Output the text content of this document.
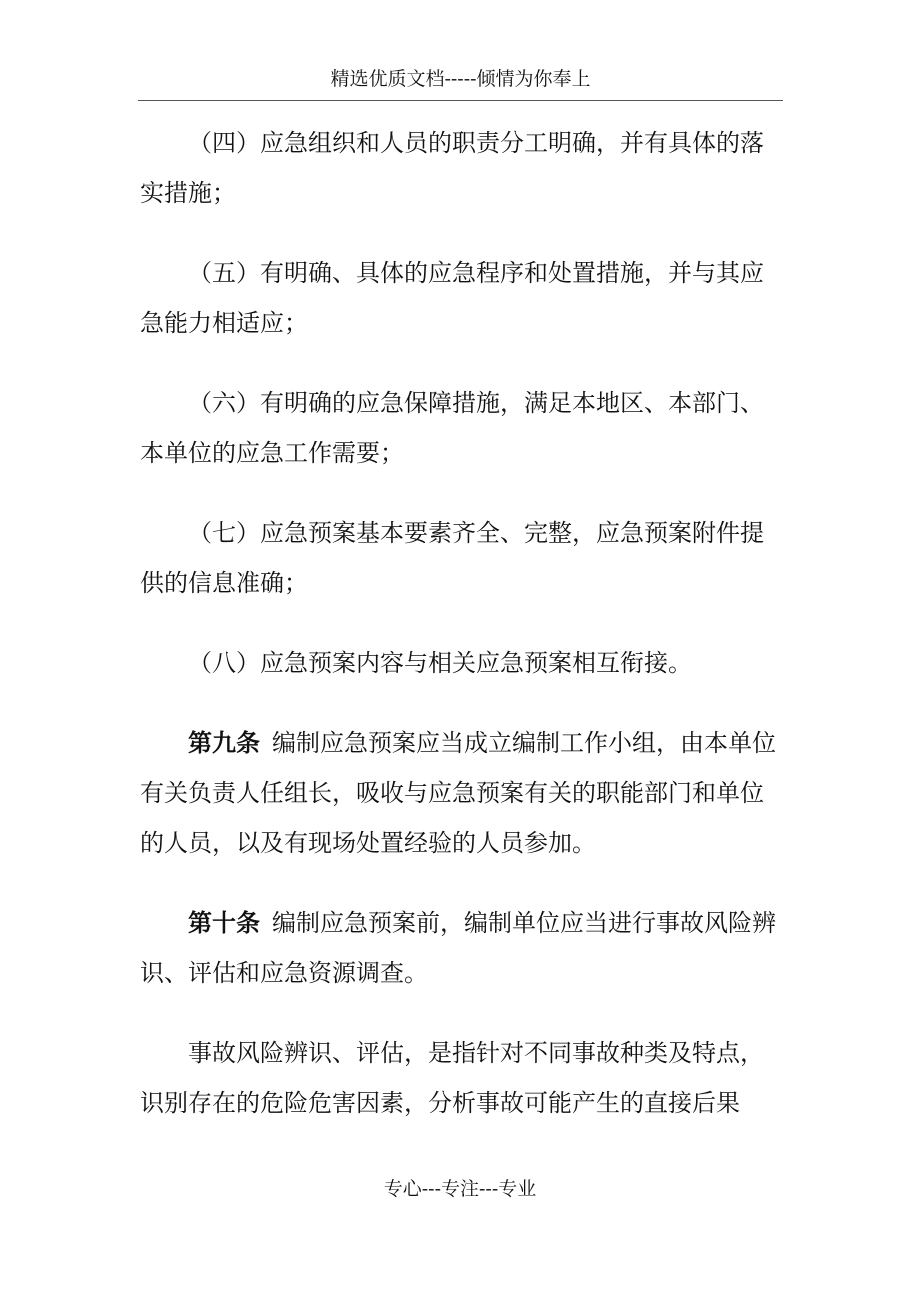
精选优质文档-----倾情为你奉上

（四）应急组织和人员的职责分工明确，并有具体的落实措施；

（五）有明确、具体的应急程序和处置措施，并与其应急能力相适应；

（六）有明确的应急保障措施，满足本地区、本部门、本单位的应急工作需要；

（七）应急预案基本要素齐全、完整，应急预案附件提供的信息准确；

（八）应急预案内容与相关应急预案相互衔接。

第九条 编制应急预案应当成立编制工作小组，由本单位有关负责人任组长，吸收与应急预案有关的职能部门和单位的人员，以及有现场处置经验的人员参加。

第十条 编制应急预案前，编制单位应当进行事故风险辨识、评估和应急资源调查。

事故风险辨识、评估，是指针对不同事故种类及特点，识别存在的危险危害因素，分析事故可能产生的直接后果

专心---专注---专业
